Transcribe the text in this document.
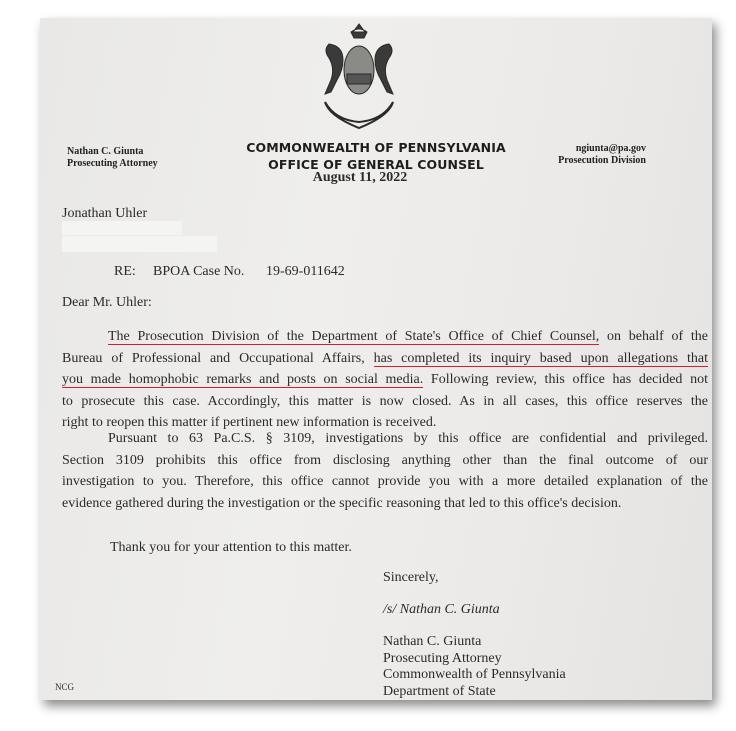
COMMONWEALTH OF PENNSYLVANIA
OFFICE OF GENERAL COUNSEL
Nathan C. Giunta
Prosecuting Attorney
ngiunta@pa.gov
Prosecution Division
August 11, 2022
Jonathan Uhler
RE: BPOA Case No. 19-69-011642
Dear Mr. Uhler:
The Prosecution Division of the Department of State's Office of Chief Counsel, on behalf of the
Bureau of Professional and Occupational Affairs, has completed its inquiry based upon allegations that
you made homophobic remarks and posts on social media. Following review, this office has decided not
to prosecute this case. Accordingly, this matter is now closed. As in all cases, this office reserves the
right to reopen this matter if pertinent new information is received.
Pursuant to 63 Pa.C.S. § 3109, investigations by this office are confidential and privileged.
Section 3109 prohibits this office from disclosing anything other than the final outcome of our
investigation to you. Therefore, this office cannot provide you with a more detailed explanation of the
evidence gathered during the investigation or the specific reasoning that led to this office's decision.
Thank you for your attention to this matter.
Sincerely,
/s/ Nathan C. Giunta
Nathan C. Giunta
Prosecuting Attorney
Commonwealth of Pennsylvania
Department of State
NCG
